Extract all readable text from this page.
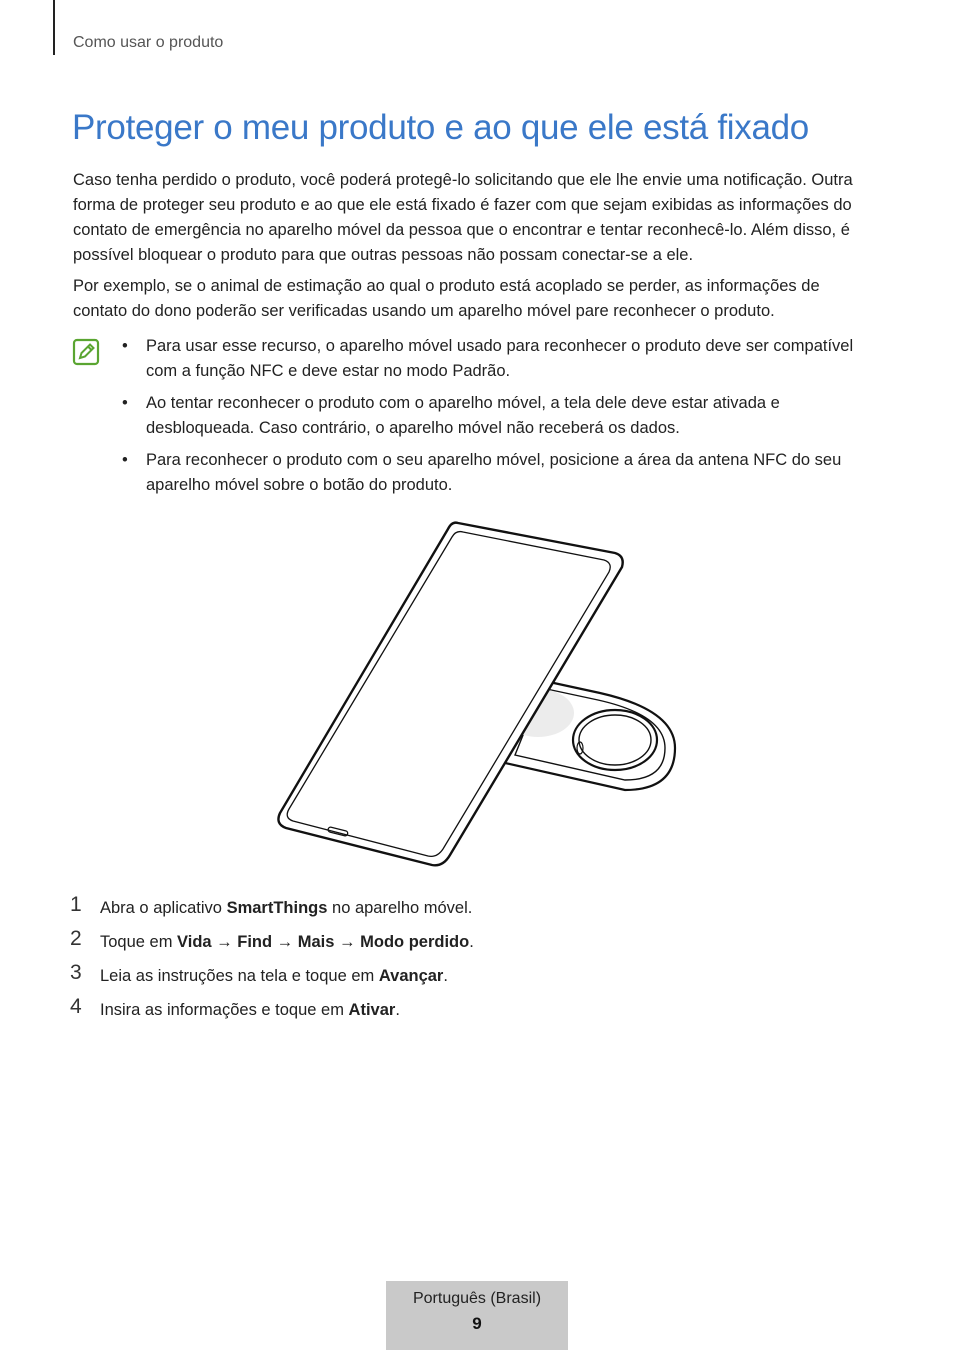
Como usar o produto
Proteger o meu produto e ao que ele está fixado

Caso tenha perdido o produto, você poderá protegê-lo solicitando que ele lhe envie uma notificação. Outra forma de proteger seu produto e ao que ele está fixado é fazer com que sejam exibidas as informações do contato de emergência no aparelho móvel da pessoa que o encontrar e tentar reconhecê-lo. Além disso, é possível bloquear o produto para que outras pessoas não possam conectar-se a ele.

Por exemplo, se o animal de estimação ao qual o produto está acoplado se perder, as informações de contato do dono poderão ser verificadas usando um aparelho móvel pare reconhecer o produto.

• Para usar esse recurso, o aparelho móvel usado para reconhecer o produto deve ser compatível com a função NFC e deve estar no modo Padrão.
• Ao tentar reconhecer o produto com o aparelho móvel, a tela dele deve estar ativada e desbloqueada. Caso contrário, o aparelho móvel não receberá os dados.
• Para reconhecer o produto com o seu aparelho móvel, posicione a área da antena NFC do seu aparelho móvel sobre o botão do produto.
1 Abra o aplicativo SmartThings no aparelho móvel.
2 Toque em Vida → Find → Mais → Modo perdido.
3 Leia as instruções na tela e toque em Avançar.
4 Insira as informações e toque em Ativar.
Português (Brasil)
9
